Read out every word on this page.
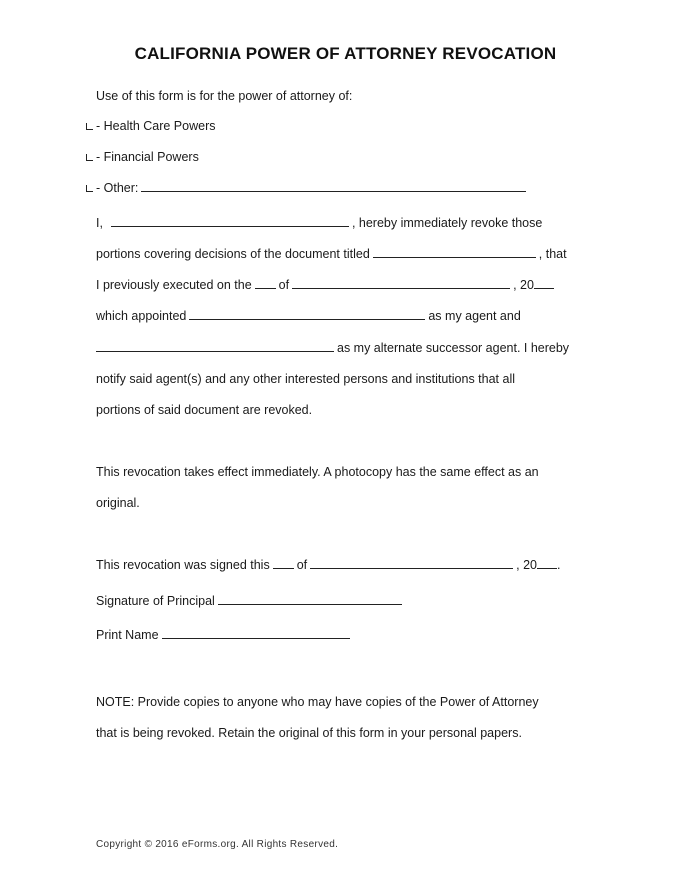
CALIFORNIA POWER OF ATTORNEY REVOCATION
Use of this form is for the power of attorney of:
- Health Care Powers
- Financial Powers
- Other:
I,	, hereby immediately revoke those
portions covering decisions of the document titled	, that
I previously executed on the of	, 20
which appointed	as my agent and
as my alternate successor agent. I hereby
notify said agent(s) and any other interested persons and institutions that all
portions of said document are revoked.
This revocation takes effect immediately. A photocopy has the same effect as an
original.
This revocation was signed this of	, 20 .
Signature of Principal
Print Name
NOTE: Provide copies to anyone who may have copies of the Power of Attorney
that is being revoked. Retain the original of this form in your personal papers.
Copyright © 2016 eForms.org. All Rights Reserved.
